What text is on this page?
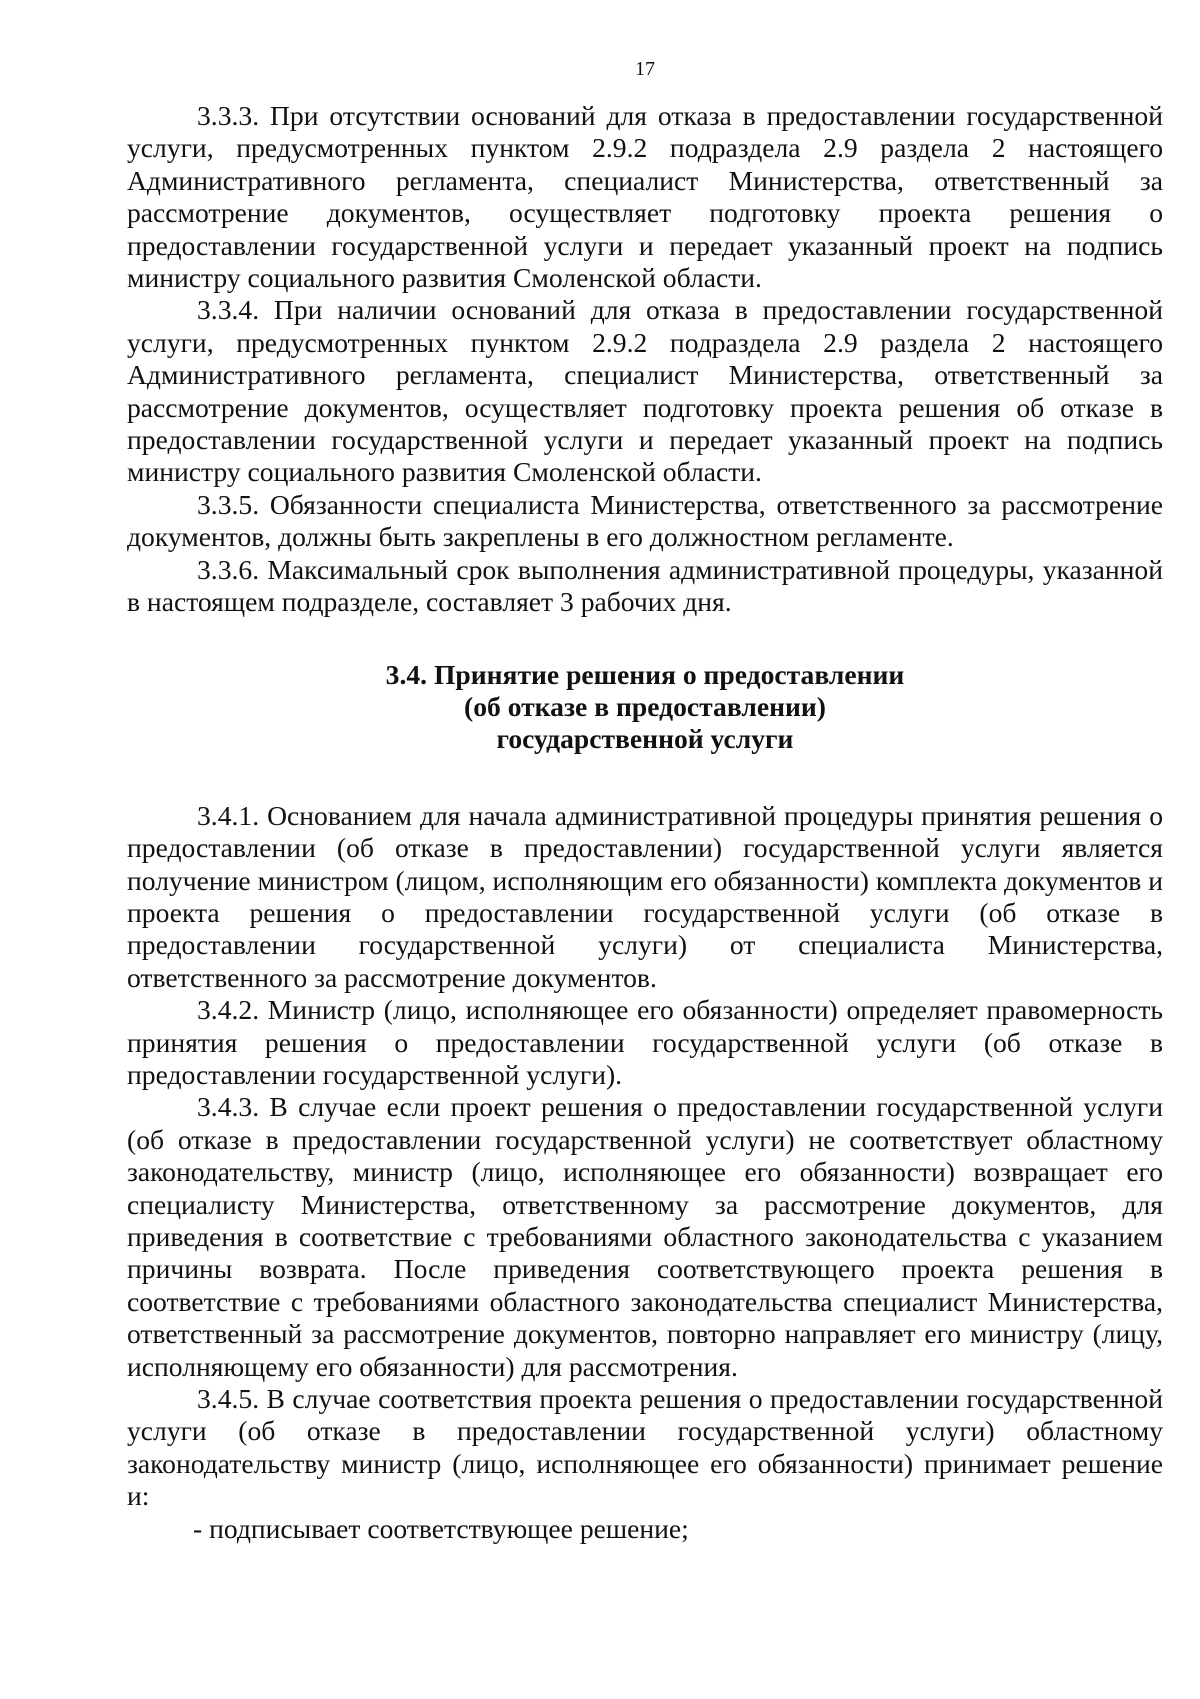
17

3.3.3. При отсутствии оснований для отказа в предоставлении государственной услуги, предусмотренных пунктом 2.9.2 подраздела 2.9 раздела 2 настоящего Административного регламента, специалист Министерства, ответственный за рассмотрение документов, осуществляет подготовку проекта решения о предоставлении государственной услуги и передает указанный проект на подпись министру социального развития Смоленской области.

3.3.4. При наличии оснований для отказа в предоставлении государственной услуги, предусмотренных пунктом 2.9.2 подраздела 2.9 раздела 2 настоящего Административного регламента, специалист Министерства, ответственный за рассмотрение документов, осуществляет подготовку проекта решения об отказе в предоставлении государственной услуги и передает указанный проект на подпись министру социального развития Смоленской области.

3.3.5. Обязанности специалиста Министерства, ответственного за рассмотрение документов, должны быть закреплены в его должностном регламенте.

3.3.6. Максимальный срок выполнения административной процедуры, указанной в настоящем подразделе, составляет 3 рабочих дня.

3.4. Принятие решения о предоставлении
(об отказе в предоставлении)
государственной услуги

3.4.1. Основанием для начала административной процедуры принятия решения о предоставлении (об отказе в предоставлении) государственной услуги является получение министром (лицом, исполняющим его обязанности) комплекта документов и проекта решения о предоставлении государственной услуги (об отказе в предоставлении государственной услуги) от специалиста Министерства, ответственного за рассмотрение документов.

3.4.2. Министр (лицо, исполняющее его обязанности) определяет правомерность принятия решения о предоставлении государственной услуги (об отказе в предоставлении государственной услуги).

3.4.3. В случае если проект решения о предоставлении государственной услуги (об отказе в предоставлении государственной услуги) не соответствует областному законодательству, министр (лицо, исполняющее его обязанности) возвращает его специалисту Министерства, ответственному за рассмотрение документов, для приведения в соответствие с требованиями областного законодательства с указанием причины возврата. После приведения соответствующего проекта решения в соответствие с требованиями областного законодательства специалист Министерства, ответственный за рассмотрение документов, повторно направляет его министру (лицу, исполняющему его обязанности) для рассмотрения.

3.4.5. В случае соответствия проекта решения о предоставлении государственной услуги (об отказе в предоставлении государственной услуги) областному законодательству министр (лицо, исполняющее его обязанности) принимает решение и:

- подписывает соответствующее решение;
